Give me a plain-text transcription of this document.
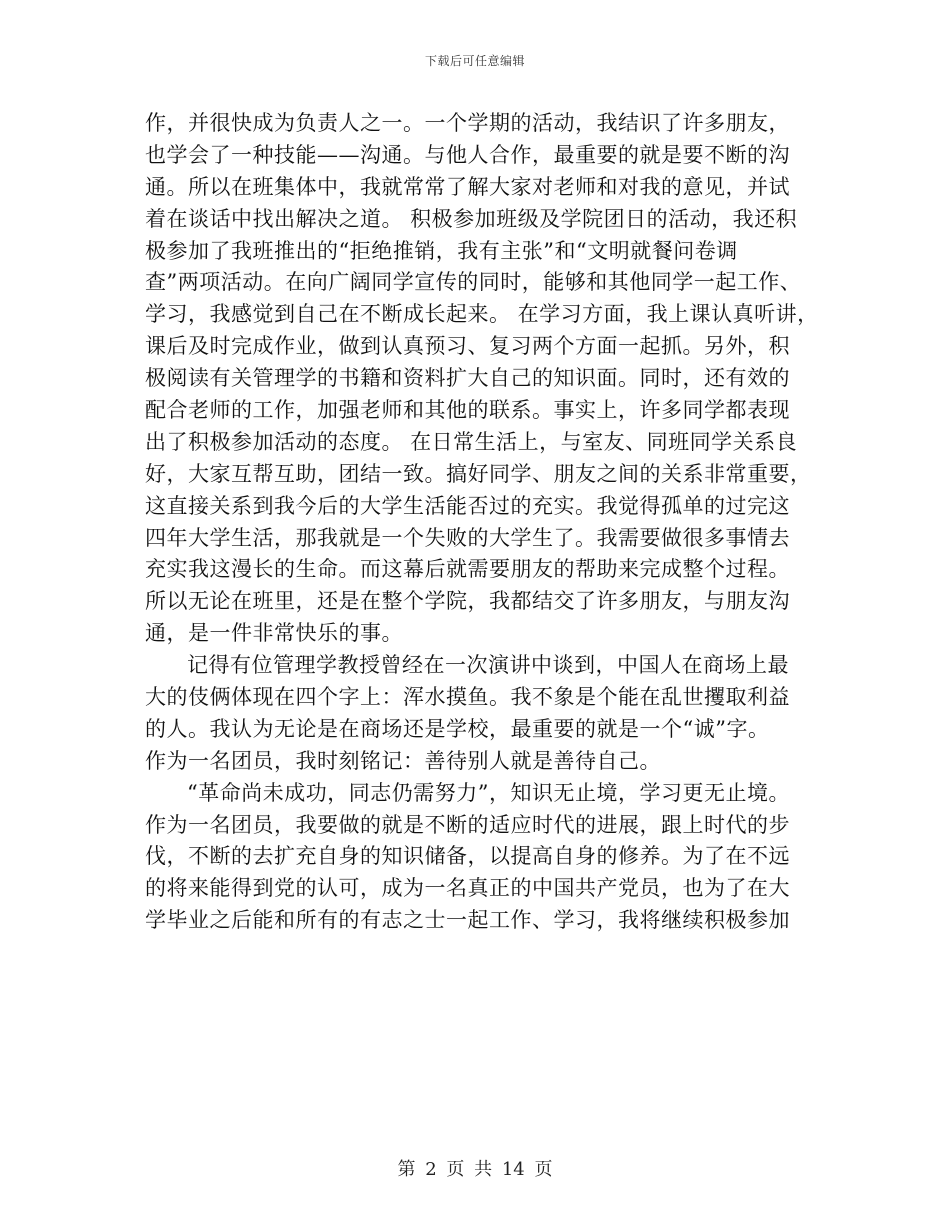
下载后可任意编辑
作，并很快成为负责人之一。一个学期的活动，我结识了许多朋友，
也学会了一种技能——沟通。与他人合作，最重要的就是要不断的沟
通。所以在班集体中，我就常常了解大家对老师和对我的意见，并试
着在谈话中找出解决之道。 积极参加班级及学院团日的活动，我还积
极参加了我班推出的“拒绝推销，我有主张”和“文明就餐问卷调
查”两项活动。在向广阔同学宣传的同时，能够和其他同学一起工作、
学习，我感觉到自己在不断成长起来。 在学习方面，我上课认真听讲，
课后及时完成作业，做到认真预习、复习两个方面一起抓。另外，积
极阅读有关管理学的书籍和资料扩大自己的知识面。同时，还有效的
配合老师的工作，加强老师和其他的联系。事实上，许多同学都表现
出了积极参加活动的态度。 在日常生活上，与室友、同班同学关系良
好，大家互帮互助，团结一致。搞好同学、朋友之间的关系非常重要，
这直接关系到我今后的大学生活能否过的充实。我觉得孤单的过完这
四年大学生活，那我就是一个失败的大学生了。我需要做很多事情去
充实我这漫长的生命。而这幕后就需要朋友的帮助来完成整个过程。
所以无论在班里，还是在整个学院，我都结交了许多朋友，与朋友沟
通，是一件非常快乐的事。
记得有位管理学教授曾经在一次演讲中谈到，中国人在商场上最
大的伎俩体现在四个字上：浑水摸鱼。我不象是个能在乱世攫取利益
的人。我认为无论是在商场还是学校，最重要的就是一个“诚”字。
作为一名团员，我时刻铭记：善待别人就是善待自己。
“革命尚未成功，同志仍需努力”，知识无止境，学习更无止境。
作为一名团员，我要做的就是不断的适应时代的进展，跟上时代的步
伐，不断的去扩充自身的知识储备，以提高自身的修养。为了在不远
的将来能得到党的认可，成为一名真正的中国共产党员，也为了在大
学毕业之后能和所有的有志之士一起工作、学习，我将继续积极参加
第 2 页 共 14 页
